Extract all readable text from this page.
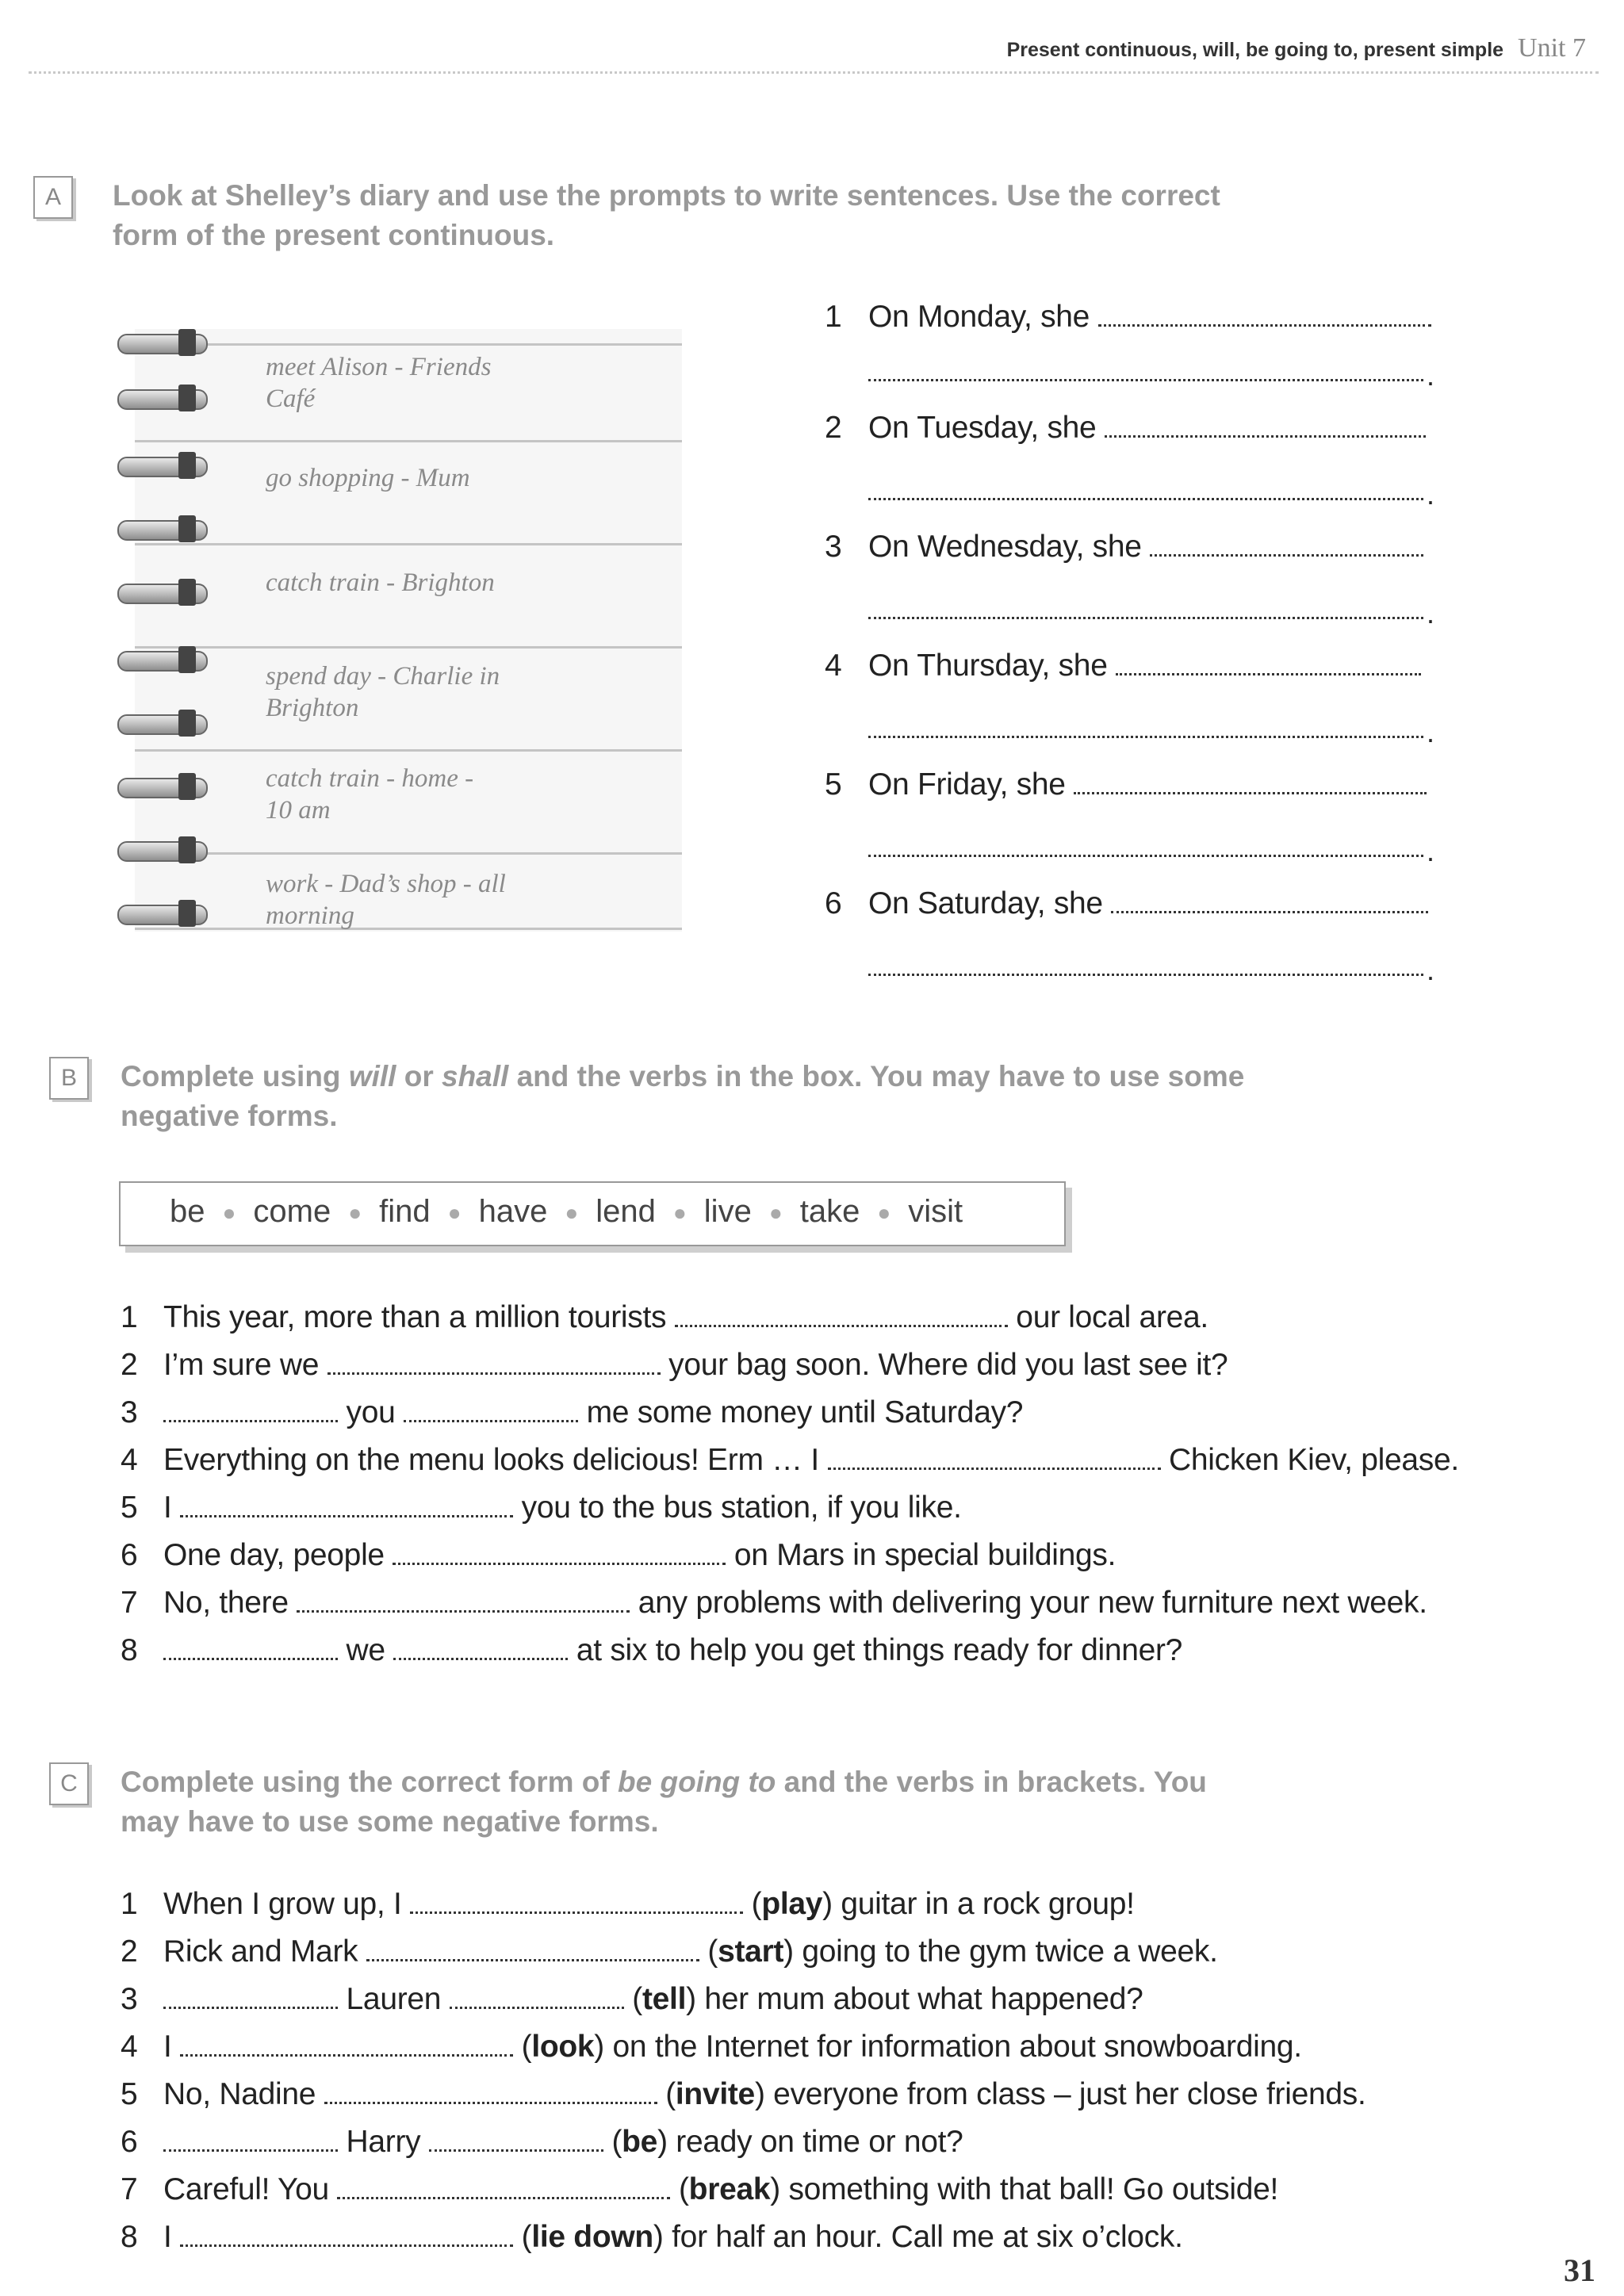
Present continuous, will, be going to, present simple Unit 7
A	Look at Shelley’s diary and use the prompts to write sentences. Use the correct
form of the present continuous.
meet Alison - Friends
Café
go shopping - Mum
catch train - Brighton
spend day - Charlie in
Brighton
catch train - home -
10 am
work - Dad’s shop - all
morning
1 On Monday, she
.
2 On Tuesday, she
.
3 On Wednesday, she
.
4 On Thursday, she
.
5 On Friday, she
.
6 On Saturday, she
.
B	Complete using will or shall and the verbs in the box. You may have to use some
negative forms.
be ● come ● find ● have ● lend ● live ● take ● visit
1 This year, more than a million tourists	our local area.
2 I’m sure we	your bag soon. Where did you last see it?
3	you	me some money until Saturday?
4 Everything on the menu looks delicious! Erm … I	Chicken Kiev, please.
5 I	you to the bus station, if you like.
6 One day, people	on Mars in special buildings.
7 No, there	any problems with delivering your new furniture next week.
8	we	at six to help you get things ready for dinner?
C	Complete using the correct form of be going to and the verbs in brackets. You
may have to use some negative forms.
1 When I grow up, I	(play) guitar in a rock group!
2 Rick and Mark	(start) going to the gym twice a week.
3	Lauren	(tell) her mum about what happened?
4 I	(look) on the Internet for information about snowboarding.
5 No, Nadine	(invite) everyone from class – just her close friends.
6	Harry	(be) ready on time or not?
7 Careful! You	(break) something with that ball! Go outside!
8 I	(lie down) for half an hour. Call me at six o’clock.
31
